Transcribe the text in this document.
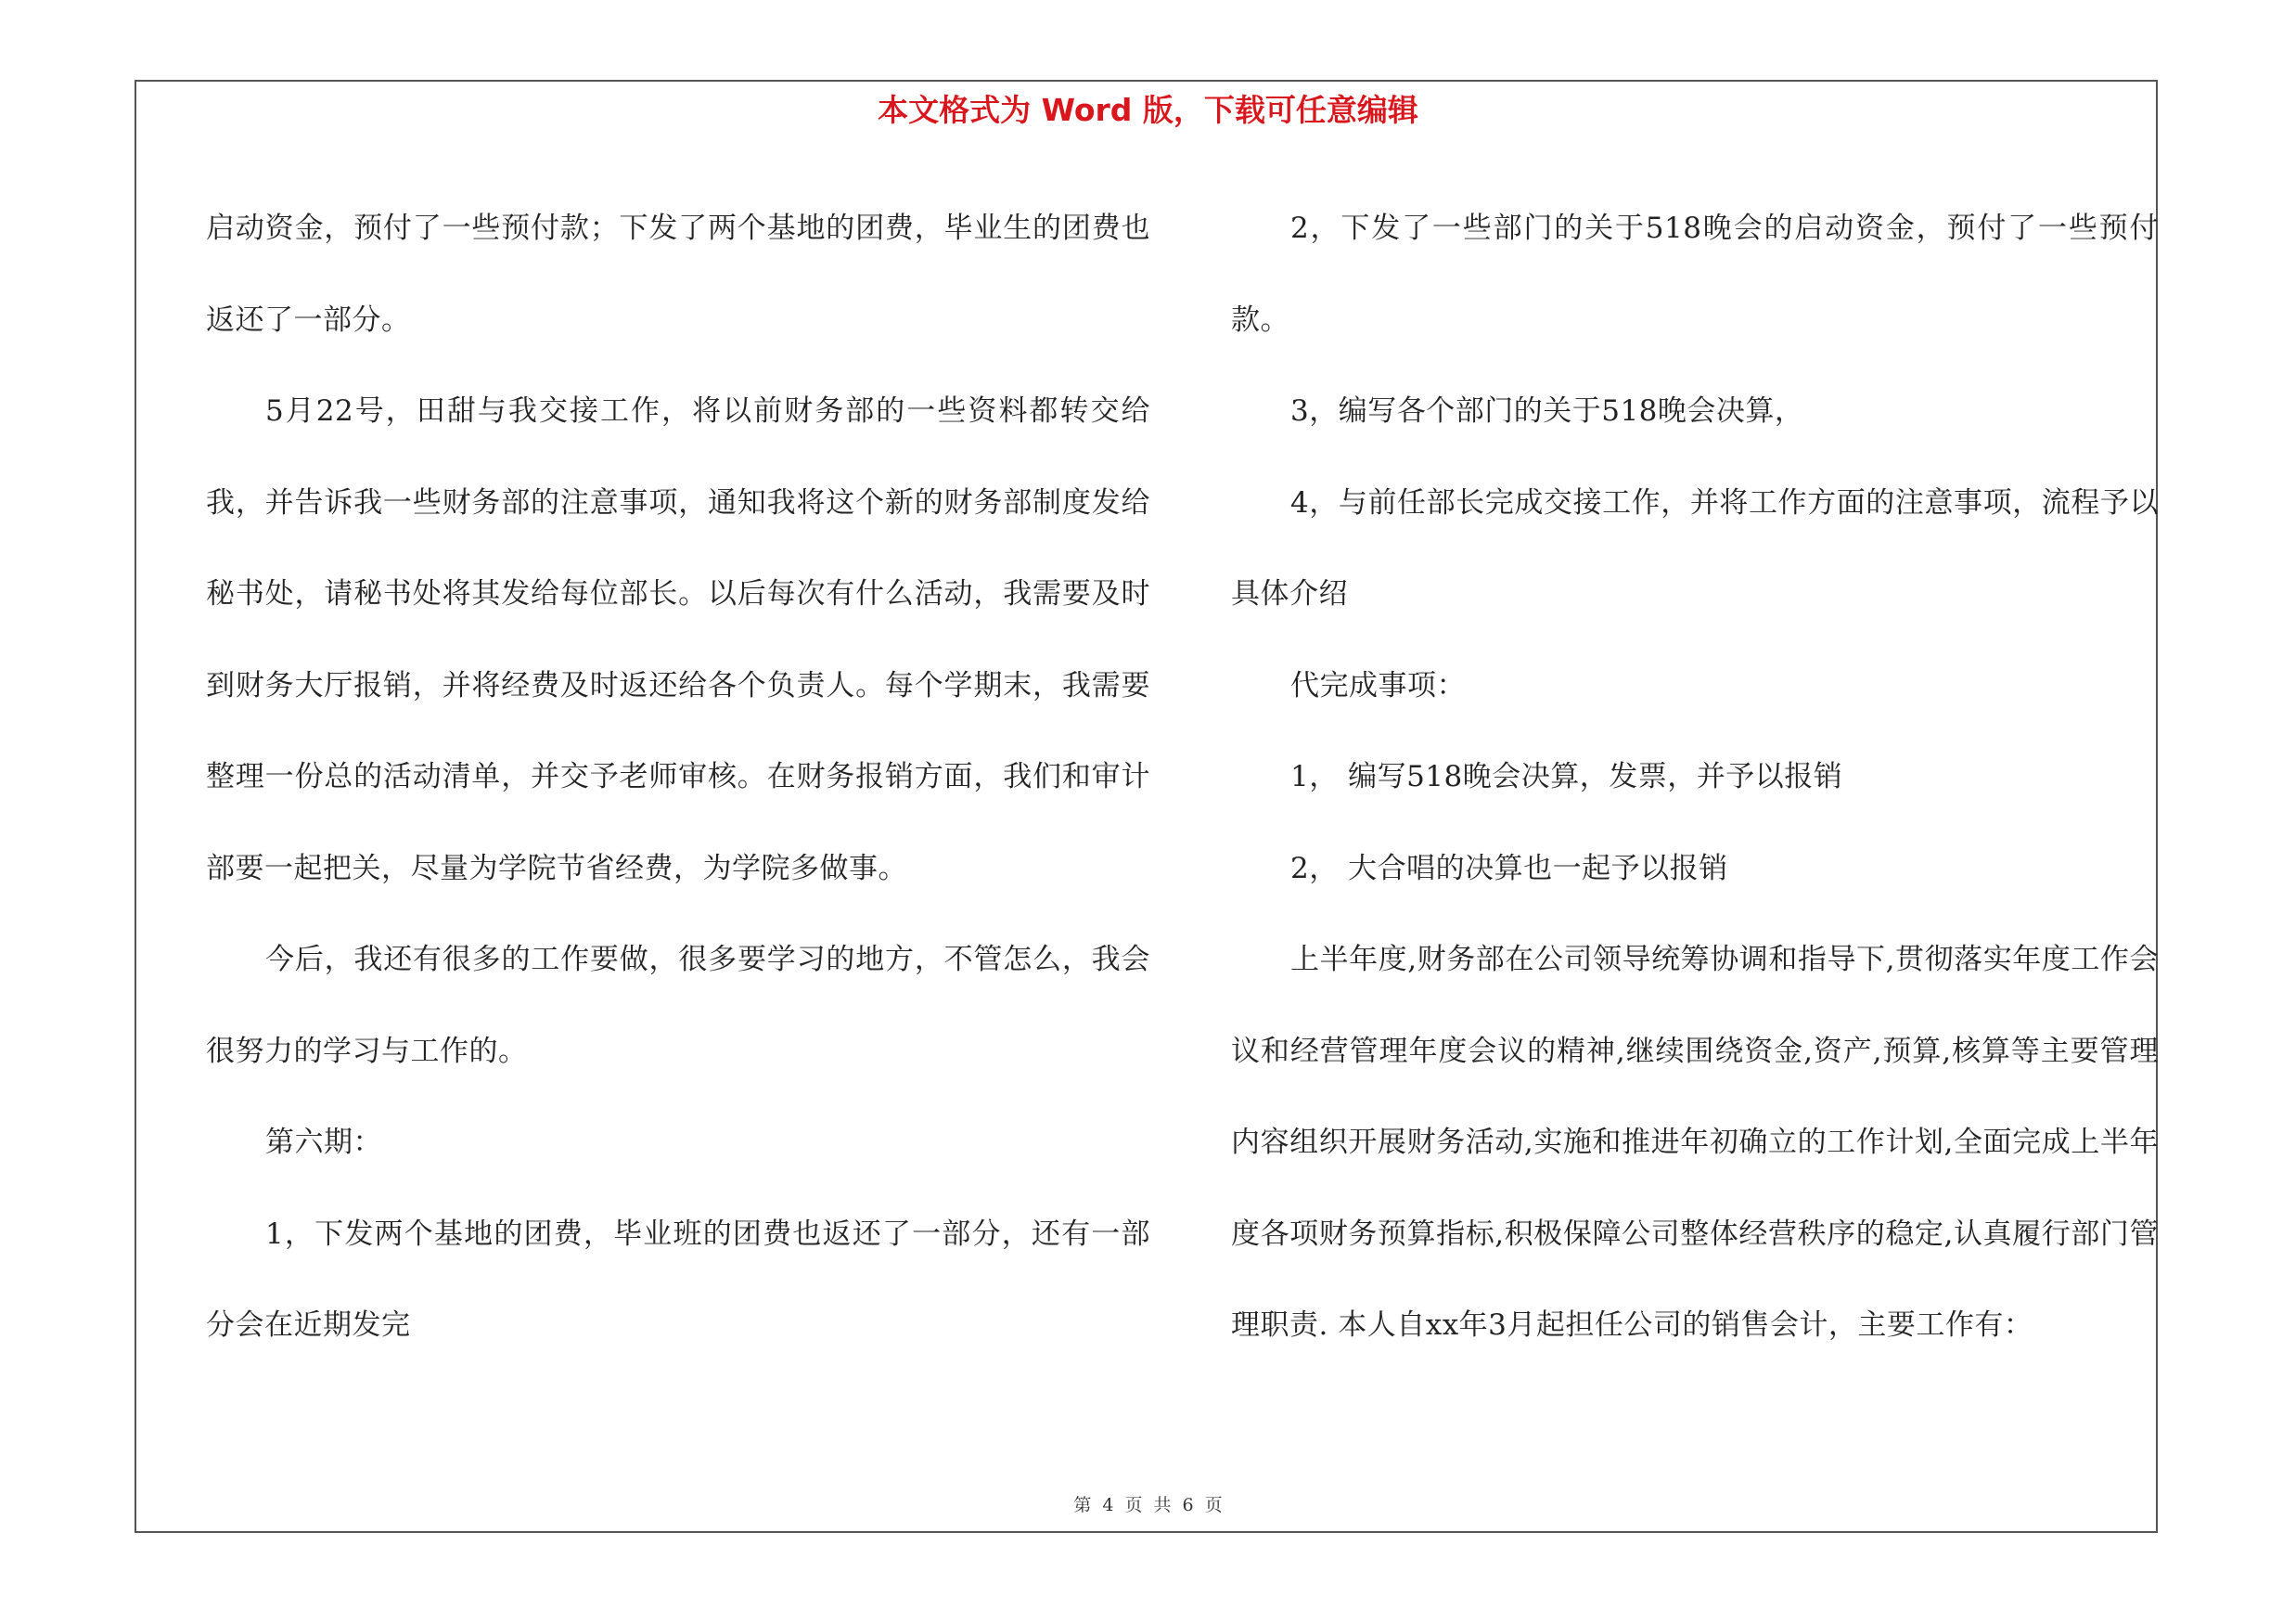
本文格式为 Word 版，下载可任意编辑

启动资金，预付了一些预付款；下发了两个基地的团费，毕业生的团费也返还了一部分。

5月22号，田甜与我交接工作，将以前财务部的一些资料都转交给我，并告诉我一些财务部的注意事项，通知我将这个新的财务部制度发给秘书处，请秘书处将其发给每位部长。以后每次有什么活动，我需要及时到财务大厅报销，并将经费及时返还给各个负责人。每个学期末，我需要整理一份总的活动清单，并交予老师审核。在财务报销方面，我们和审计部要一起把关，尽量为学院节省经费，为学院多做事。

今后，我还有很多的工作要做，很多要学习的地方，不管怎么，我会很努力的学习与工作的。

第六期：

1，下发两个基地的团费，毕业班的团费也返还了一部分，还有一部分会在近期发完

2，下发了一些部门的关于518晚会的启动资金，预付了一些预付款。

3，编写各个部门的关于518晚会决算，

4，与前任部长完成交接工作，并将工作方面的注意事项，流程予以具体介绍

代完成事项：

1， 编写518晚会决算，发票，并予以报销

2， 大合唱的决算也一起予以报销

上半年度,财务部在公司领导统筹协调和指导下,贯彻落实年度工作会议和经营管理年度会议的精神,继续围绕资金,资产,预算,核算等主要管理内容组织开展财务活动,实施和推进年初确立的工作计划,全面完成上半年度各项财务预算指标,积极保障公司整体经营秩序的稳定,认真履行部门管理职责. 本人自xx年3月起担任公司的销售会计，主要工作有：

第 4 页 共 6 页
